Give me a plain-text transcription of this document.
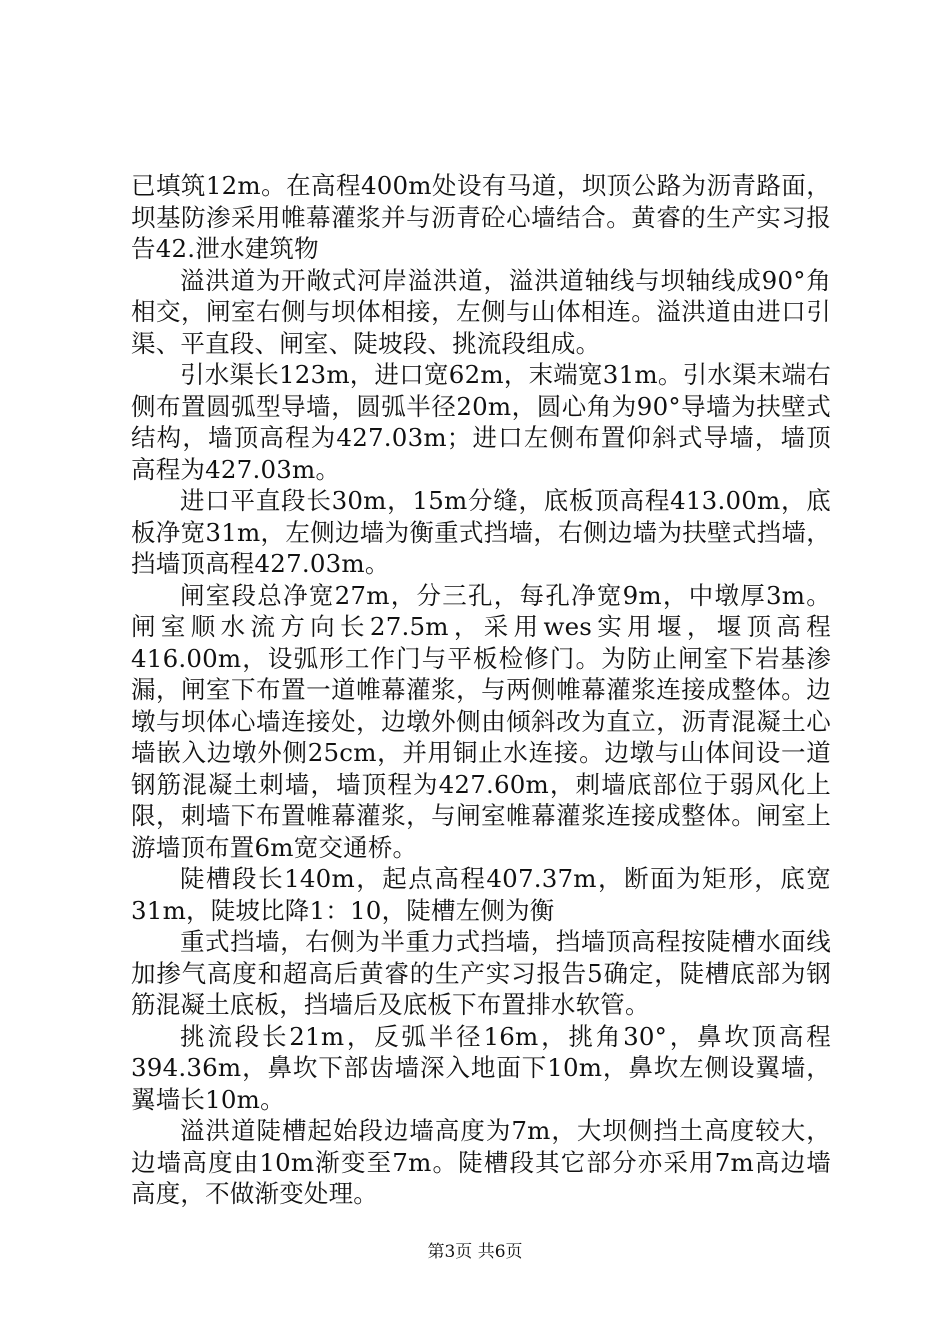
已填筑12m。在高程400m处设有马道，坝顶公路为沥青路面，坝基防渗采用帷幕灌浆并与沥青砼心墙结合。黄睿的生产实习报告42.泄水建筑物

溢洪道为开敞式河岸溢洪道，溢洪道轴线与坝轴线成90°角相交，闸室右侧与坝体相接，左侧与山体相连。溢洪道由进口引渠、平直段、闸室、陡坡段、挑流段组成。

引水渠长123m，进口宽62m，末端宽31m。引水渠末端右侧布置圆弧型导墙，圆弧半径20m，圆心角为90°导墙为扶壁式结构，墙顶高程为427.03m；进口左侧布置仰斜式导墙，墙顶高程为427.03m。

进口平直段长30m，15m分缝，底板顶高程413.00m，底板净宽31m，左侧边墙为衡重式挡墙，右侧边墙为扶壁式挡墙，挡墙顶高程427.03m。

闸室段总净宽27m，分三孔，每孔净宽9m，中墩厚3m。闸室顺水流方向长27.5m，采用wes实用堰，堰顶高程416.00m，设弧形工作门与平板检修门。为防止闸室下岩基渗漏，闸室下布置一道帷幕灌浆，与两侧帷幕灌浆连接成整体。边墩与坝体心墙连接处，边墩外侧由倾斜改为直立，沥青混凝土心墙嵌入边墩外侧25cm，并用铜止水连接。边墩与山体间设一道钢筋混凝土刺墙，墙顶程为427.60m，刺墙底部位于弱风化上限，刺墙下布置帷幕灌浆，与闸室帷幕灌浆连接成整体。闸室上游墙顶布置6m宽交通桥。

陡槽段长140m，起点高程407.37m，断面为矩形，底宽31m，陡坡比降1：10，陡槽左侧为衡

重式挡墙，右侧为半重力式挡墙，挡墙顶高程按陡槽水面线加掺气高度和超高后黄睿的生产实习报告5确定，陡槽底部为钢筋混凝土底板，挡墙后及底板下布置排水软管。

挑流段长21m，反弧半径16m，挑角30°，鼻坎顶高程394.36m，鼻坎下部齿墙深入地面下10m，鼻坎左侧设翼墙，翼墙长10m。

溢洪道陡槽起始段边墙高度为7m，大坝侧挡土高度较大，边墙高度由10m渐变至7m。陡槽段其它部分亦采用7m高边墙高度，不做渐变处理。

第3页 共6页
